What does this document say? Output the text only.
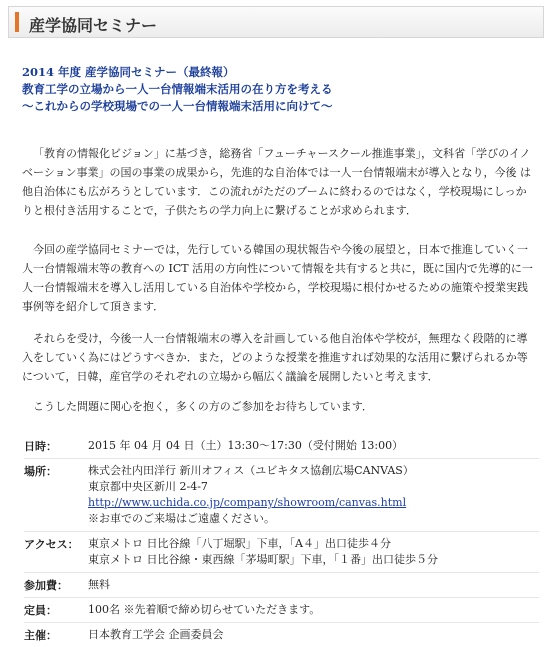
産学協同セミナー
2014 年度 産学協同セミナー（最終報）
教育工学の立場から一人一台情報端末活用の在り方を考える
〜これからの学校現場での一人一台情報端末活用に向けて〜

「教育の情報化ビジョン」に基づき，総務省「フューチャースクール推進事業」，文科省「学びのイノベーション事業」の国の事業の成果から，先進的な自治体では一人一台情報端末が導入となり，今後 は他自治体にも広がろうとしています．この流れがただのブームに終わるのではなく，学校現場にしっかりと根付き活用することで，子供たちの学力向上に繋げることが求められます．

今回の産学協同セミナーでは，先行している韓国の現状報告や今後の展望と，日本で推進していく一人一台情報端末等の教育への ICT 活用の方向性について情報を共有すると共に，既に国内で先導的に一人一台情報端末を導入し活用している自治体や学校から，学校現場に根付かせるための施策や授業実践事例等を紹介して頂きます．

それらを受け，今後一人一台情報端末の導入を計画している他自治体や学校が，無理なく段階的に導入をしていく為にはどうすべきか．また，どのような授業を推進すれば効果的な活用に繋げられるか等 について，日韓，産官学のそれぞれの立場から幅広く議論を展開したいと考えます．

こうした問題に関心を抱く，多くの方のご参加をお待ちしています．

日時：	2015 年 04 月 04 日（土）13:30〜17:30（受付開始 13:00）
場所：	株式会社内田洋行 新川オフィス（ユビキタス協創広場CANVAS）
東京都中央区新川 2-4-7
http://www.uchida.co.jp/company/showroom/canvas.html
※お車でのご来場はご遠慮ください。
アクセス： 東京メトロ 日比谷線「八丁堀駅」下車，「A４」出口徒歩４分
東京メトロ 日比谷線・東西線「茅場町駅」下車，「１番」出口徒歩５分
参加費：	無料
定員：	100名 ※先着順で締め切らせていただきます。
主催：	日本教育工学会 企画委員会
